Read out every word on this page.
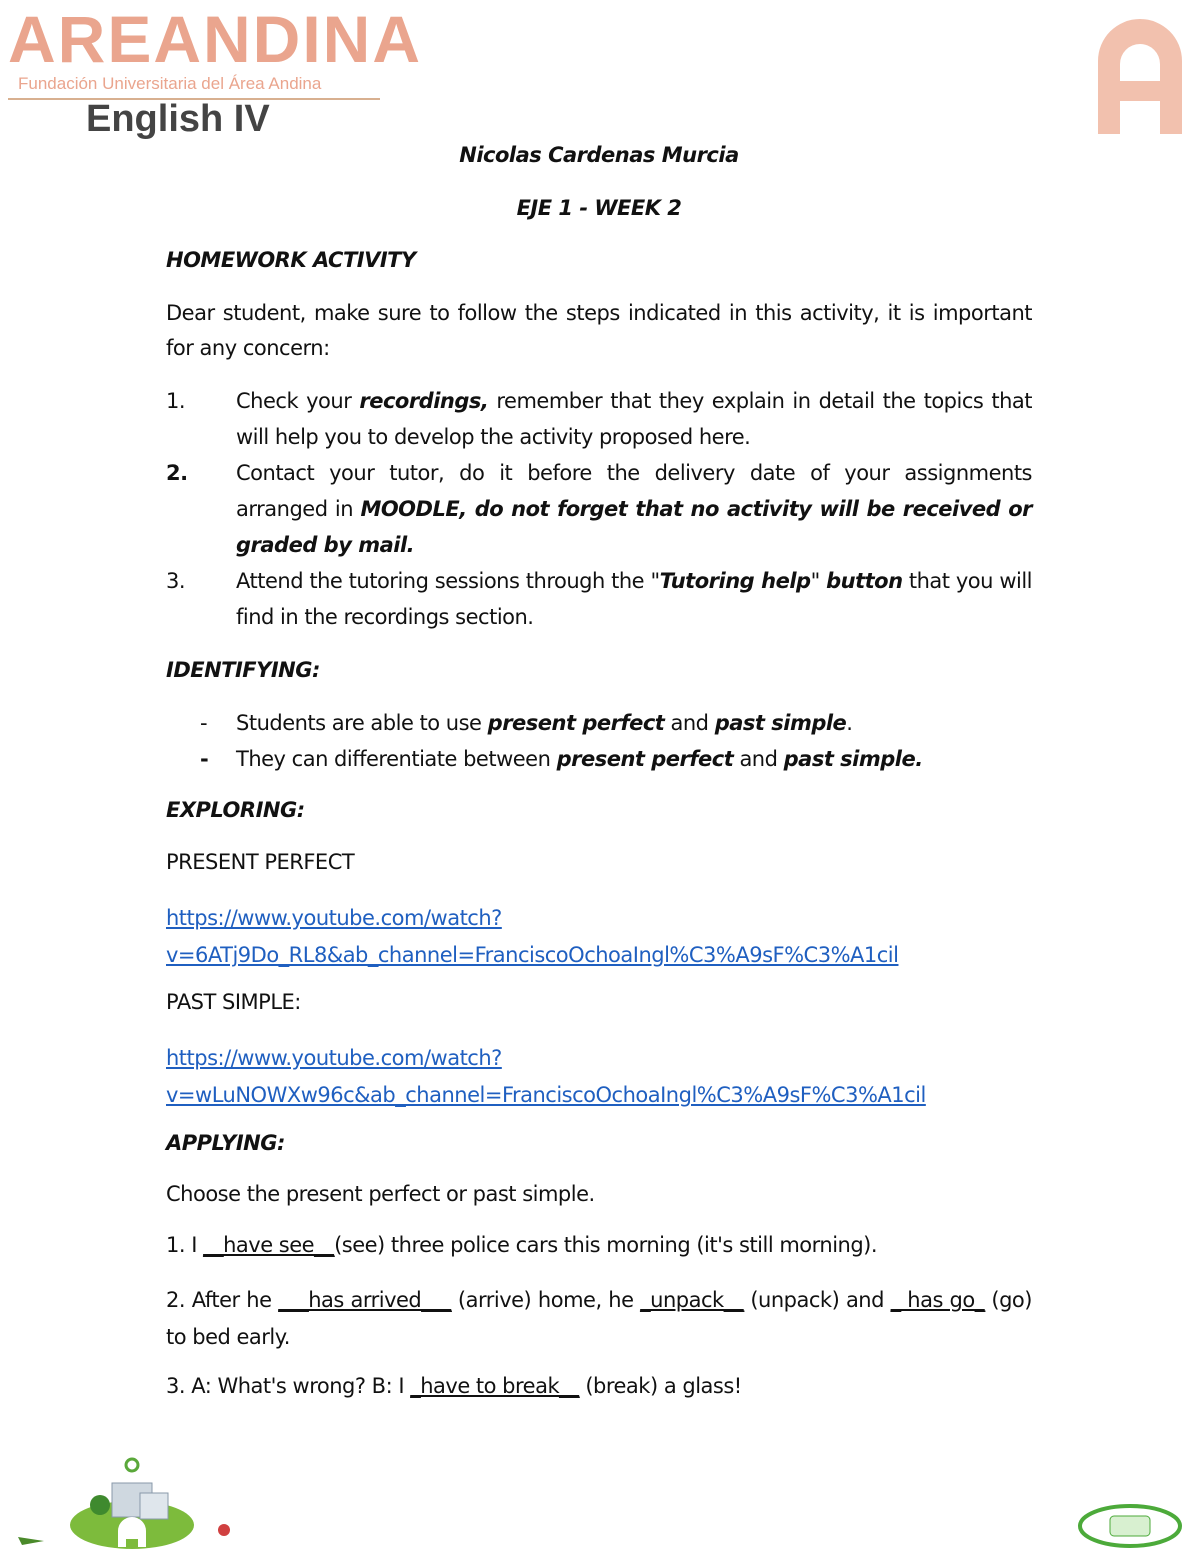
AREANDINA
Fundación Universitaria del Área Andina
English IV
Nicolas Cardenas Murcia
EJE 1 - WEEK 2
HOMEWORK ACTIVITY
Dear student, make sure to follow the steps indicated in this activity, it is important for any concern:
1.	Check your recordings, remember that they explain in detail the topics that will help you to develop the activity proposed here.
2.	Contact your tutor, do it before the delivery date of your assignments arranged in MOODLE, do not forget that no activity will be received or graded by mail.
3.	Attend the tutoring sessions through the "Tutoring help" button that you will find in the recordings section.
IDENTIFYING:
-	Students are able to use present perfect and past simple.
-	They can differentiate between present perfect and past simple.
EXPLORING:
PRESENT PERFECT
https://www.youtube.com/watch?
v=6ATj9Do_RL8&ab_channel=FranciscoOchoaIngl%C3%A9sF%C3%A1cil
PAST SIMPLE:
https://www.youtube.com/watch?
v=wLuNOWXw96c&ab_channel=FranciscoOchoaIngl%C3%A9sF%C3%A1cil
APPLYING:
Choose the present perfect or past simple.
1. I __have see__(see) three police cars this morning (it's still morning).
2. After he ___has arrived___ (arrive) home, he _unpack__ (unpack) and _ has go_ (go) to bed early.
3. A: What's wrong? B: I _have to break__ (break) a glass!
